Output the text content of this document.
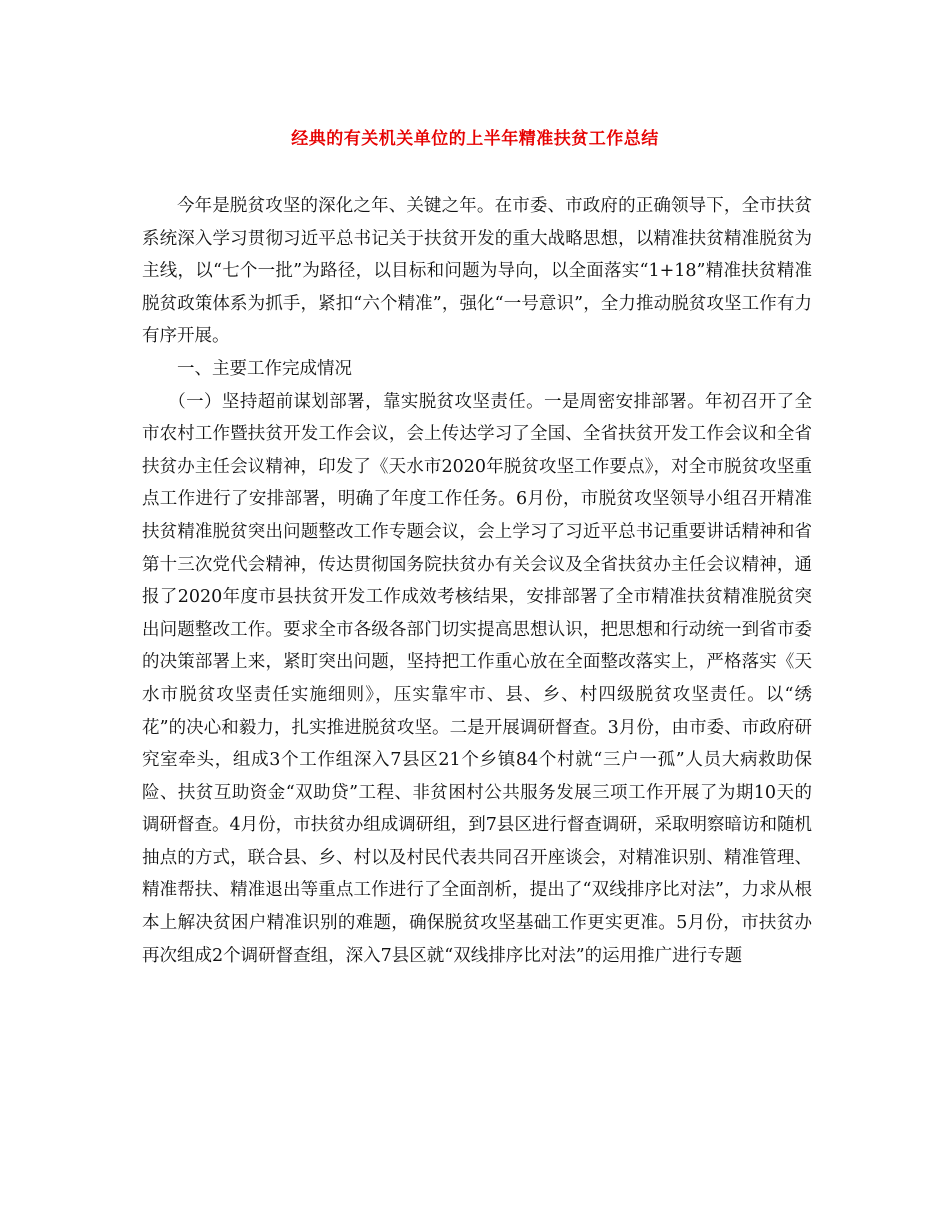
经典的有关机关单位的上半年精准扶贫工作总结

今年是脱贫攻坚的深化之年、关键之年。在市委、市政府的正确领导下，全市扶贫系统深入学习贯彻习近平总书记关于扶贫开发的重大战略思想，以精准扶贫精准脱贫为主线，以“七个一批”为路径，以目标和问题为导向，以全面落实“1+18”精准扶贫精准脱贫政策体系为抓手，紧扣“六个精准”，强化“一号意识”，全力推动脱贫攻坚工作有力有序开展。

一、主要工作完成情况

（一）坚持超前谋划部署，靠实脱贫攻坚责任。一是周密安排部署。年初召开了全市农村工作暨扶贫开发工作会议，会上传达学习了全国、全省扶贫开发工作会议和全省扶贫办主任会议精神，印发了《天水市2020年脱贫攻坚工作要点》，对全市脱贫攻坚重点工作进行了安排部署，明确了年度工作任务。6月份，市脱贫攻坚领导小组召开精准扶贫精准脱贫突出问题整改工作专题会议，会上学习了习近平总书记重要讲话精神和省第十三次党代会精神，传达贯彻国务院扶贫办有关会议及全省扶贫办主任会议精神，通报了2020年度市县扶贫开发工作成效考核结果，安排部署了全市精准扶贫精准脱贫突出问题整改工作。要求全市各级各部门切实提高思想认识，把思想和行动统一到省市委的决策部署上来，紧盯突出问题，坚持把工作重心放在全面整改落实上，严格落实《天水市脱贫攻坚责任实施细则》，压实靠牢市、县、乡、村四级脱贫攻坚责任。以“绣花”的决心和毅力，扎实推进脱贫攻坚。二是开展调研督查。3月份，由市委、市政府研究室牵头，组成3个工作组深入7县区21个乡镇84个村就“三户一孤”人员大病救助保险、扶贫互助资金“双助贷”工程、非贫困村公共服务发展三项工作开展了为期10天的调研督查。4月份，市扶贫办组成调研组，到7县区进行督查调研，采取明察暗访和随机抽点的方式，联合县、乡、村以及村民代表共同召开座谈会，对精准识别、精准管理、精准帮扶、精准退出等重点工作进行了全面剖析，提出了“双线排序比对法”，力求从根本上解决贫困户精准识别的难题，确保脱贫攻坚基础工作更实更准。5月份，市扶贫办再次组成2个调研督查组，深入7县区就“双线排序比对法”的运用推广进行专题
